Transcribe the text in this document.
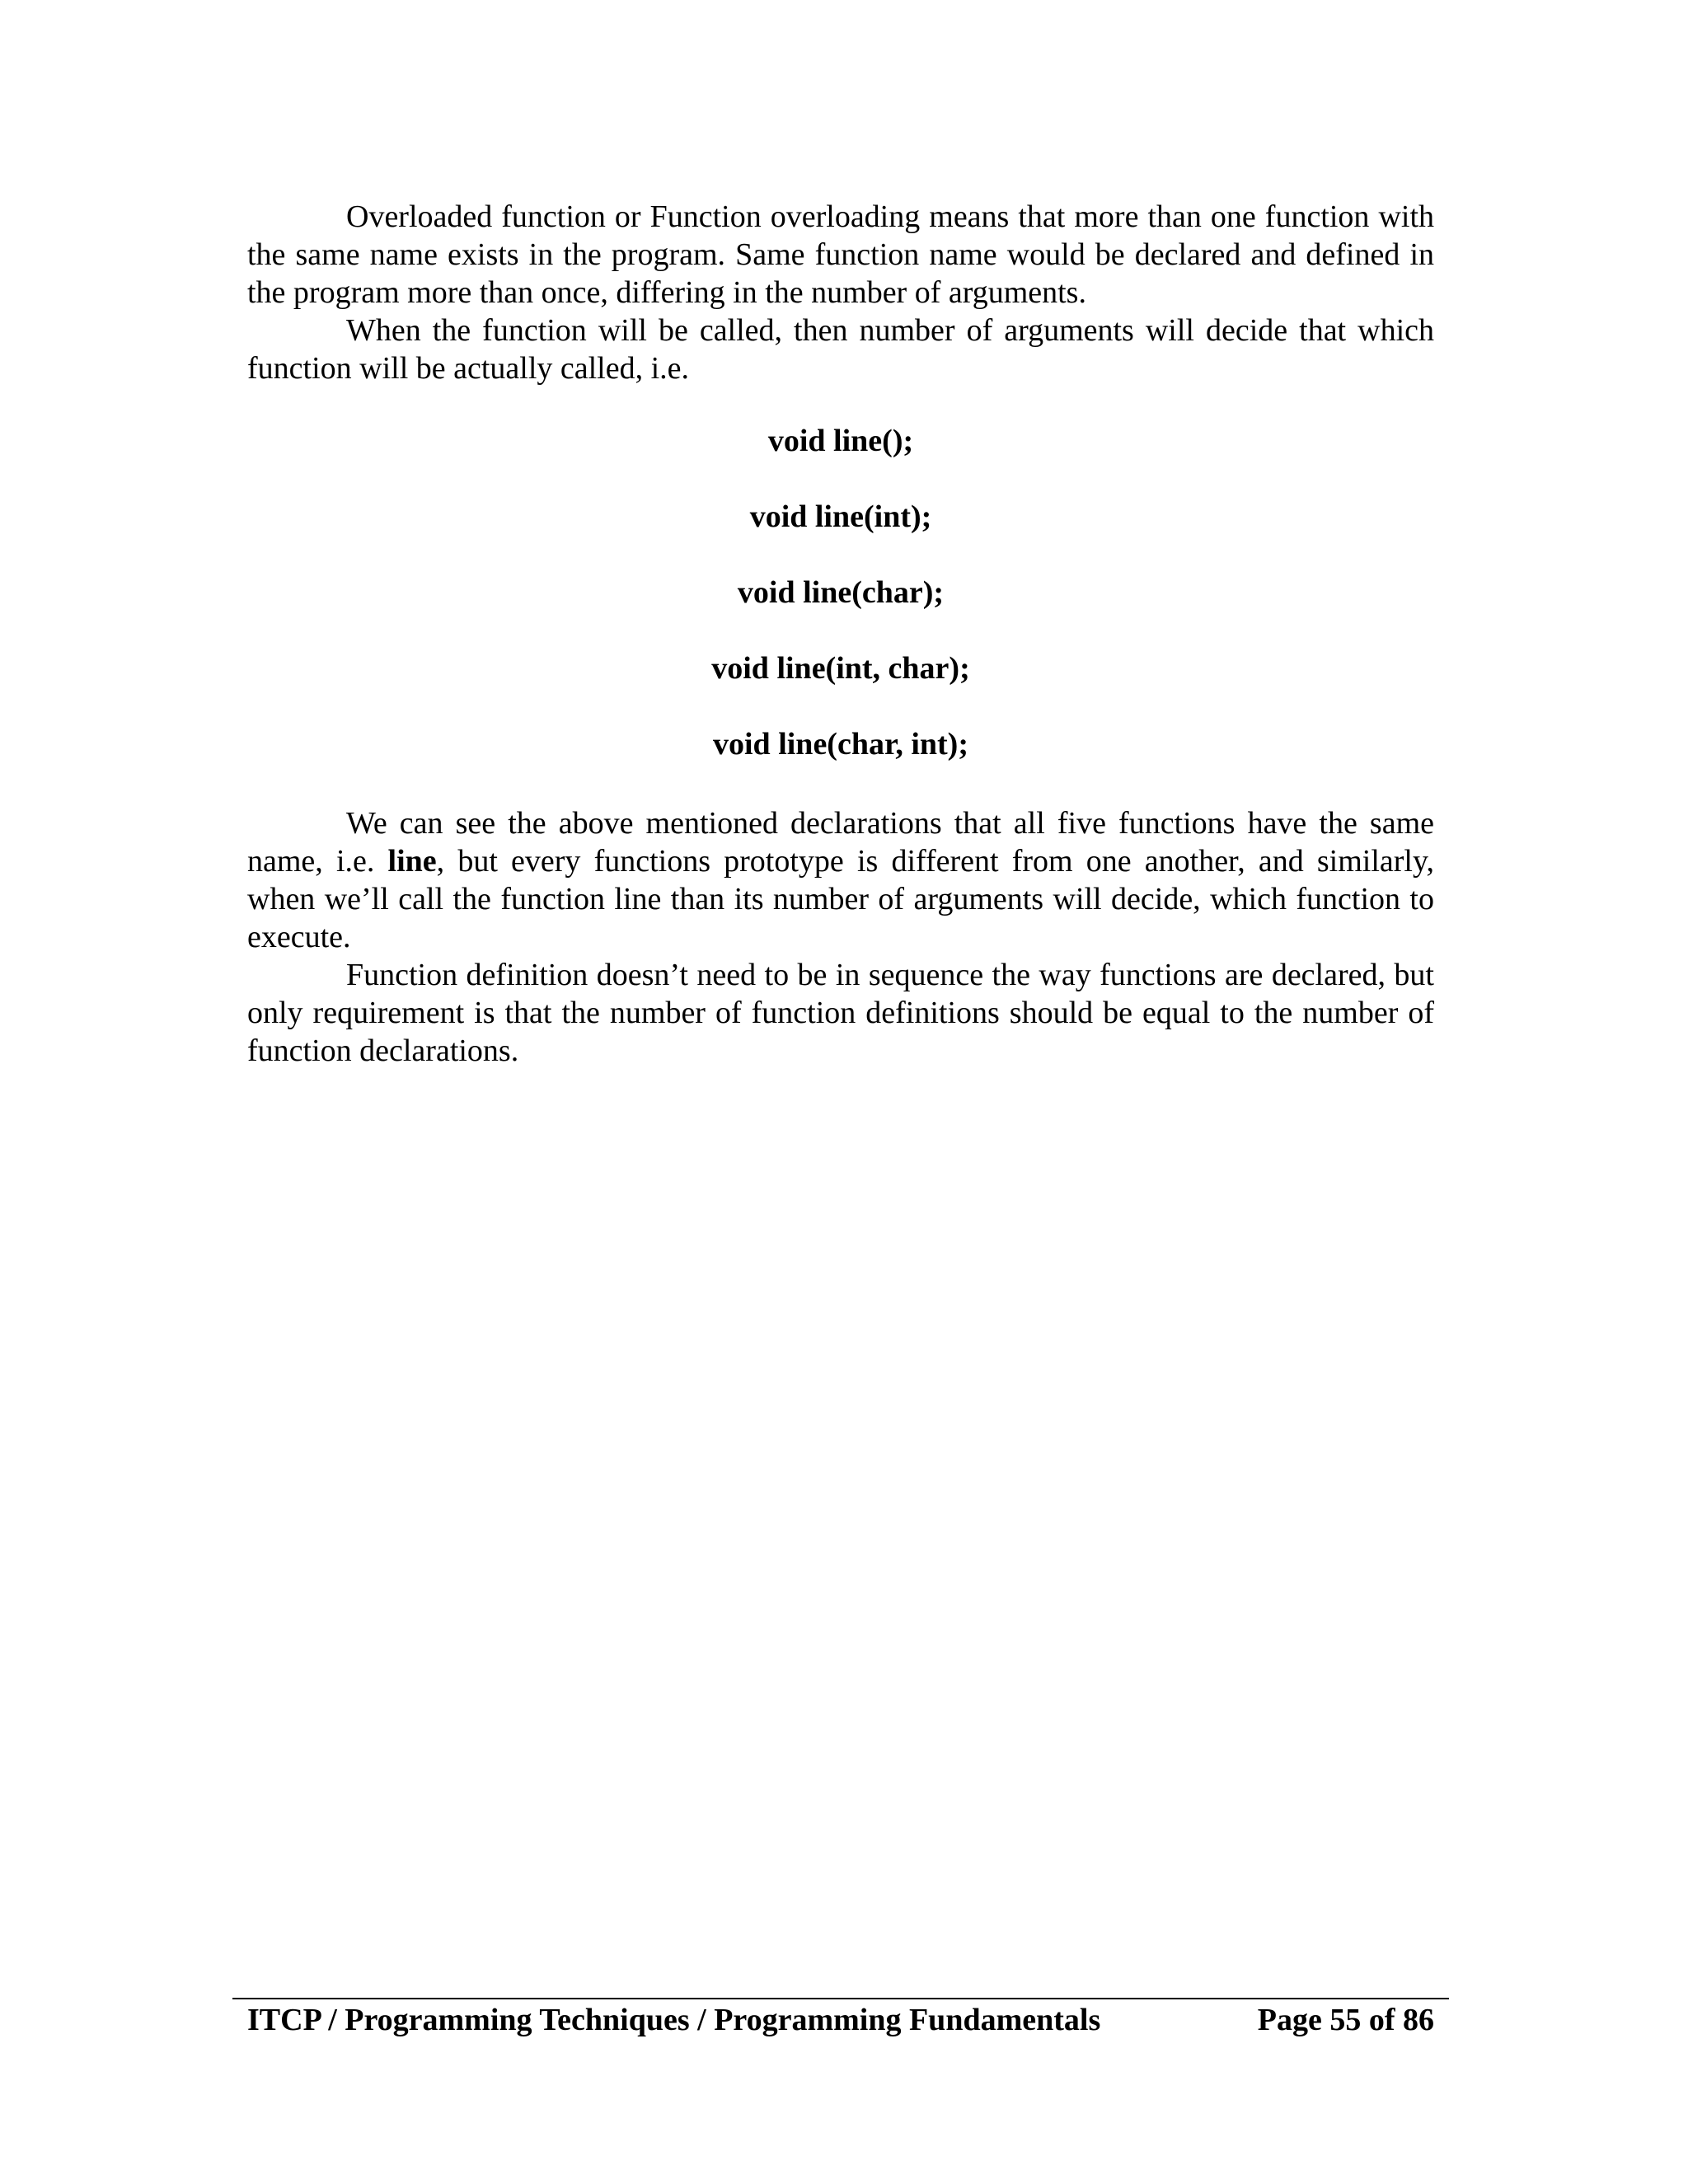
Overloaded function or Function overloading means that more than one function with the same name exists in the program. Same function name would be declared and defined in the program more than once, differing in the number of arguments.

When the function will be called, then number of arguments will decide that which function will be actually called, i.e.

void line();

void line(int);

void line(char);

void line(int, char);

void line(char, int);

We can see the above mentioned declarations that all five functions have the same name, i.e. line, but every functions prototype is different from one another, and similarly, when we’ll call the function line than its number of arguments will decide, which function to execute.

Function definition doesn’t need to be in sequence the way functions are declared, but only requirement is that the number of function definitions should be equal to the number of function declarations.

ITCP / Programming Techniques / Programming Fundamentals	Page 55 of 86
